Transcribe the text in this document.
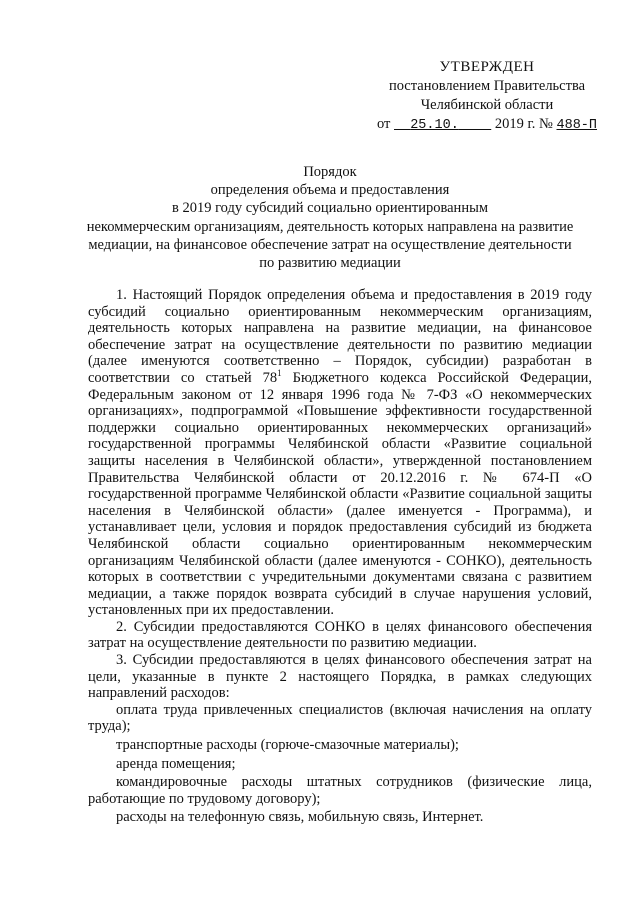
УТВЕРЖДЕН
постановлением Правительства
Челябинской области
от 25.10. 2019 г. № 488-П
Порядок
определения объема и предоставления
в 2019 году субсидий социально ориентированным
некоммерческим организациям, деятельность которых направлена на развитие
медиации, на финансовое обеспечение затрат на осуществление деятельности
по развитию медиации

1. Настоящий Порядок определения объема и предоставления в 2019 году субсидий социально ориентированным некоммерческим организациям, деятельность которых направлена на развитие медиации, на финансовое обеспечение затрат на осуществление деятельности по развитию медиации (далее именуются соответственно – Порядок, субсидии) разработан в соответствии со статьей $78^1$ Бюджетного кодекса Российской Федерации, Федеральным законом от 12 января 1996 года № 7-ФЗ «О некоммерческих организациях», подпрограммой «Повышение эффективности государственной поддержки социально ориентированных некоммерческих организаций» государственной программы Челябинской области «Развитие социальной защиты населения в Челябинской области», утвержденной постановлением Правительства Челябинской области от 20.12.2016 г. № 674-П «О государственной программе Челябинской области «Развитие социальной защиты населения в Челябинской области» (далее именуется - Программа), и устанавливает цели, условия и порядок предоставления субсидий из бюджета Челябинской области социально ориентированным некоммерческим организациям Челябинской области (далее именуются - СОНКО), деятельность которых в соответствии с учредительными документами связана с развитием медиации, а также порядок возврата субсидий в случае нарушения условий, установленных при их предоставлении.

2. Субсидии предоставляются СОНКО в целях финансового обеспечения затрат на осуществление деятельности по развитию медиации.

3. Субсидии предоставляются в целях финансового обеспечения затрат на цели, указанные в пункте 2 настоящего Порядка, в рамках следующих направлений расходов:

оплата труда привлеченных специалистов (включая начисления на оплату труда);

транспортные расходы (горюче-смазочные материалы);

аренда помещения;

командировочные расходы штатных сотрудников (физические лица, работающие по трудовому договору);

расходы на телефонную связь, мобильную связь, Интернет.
